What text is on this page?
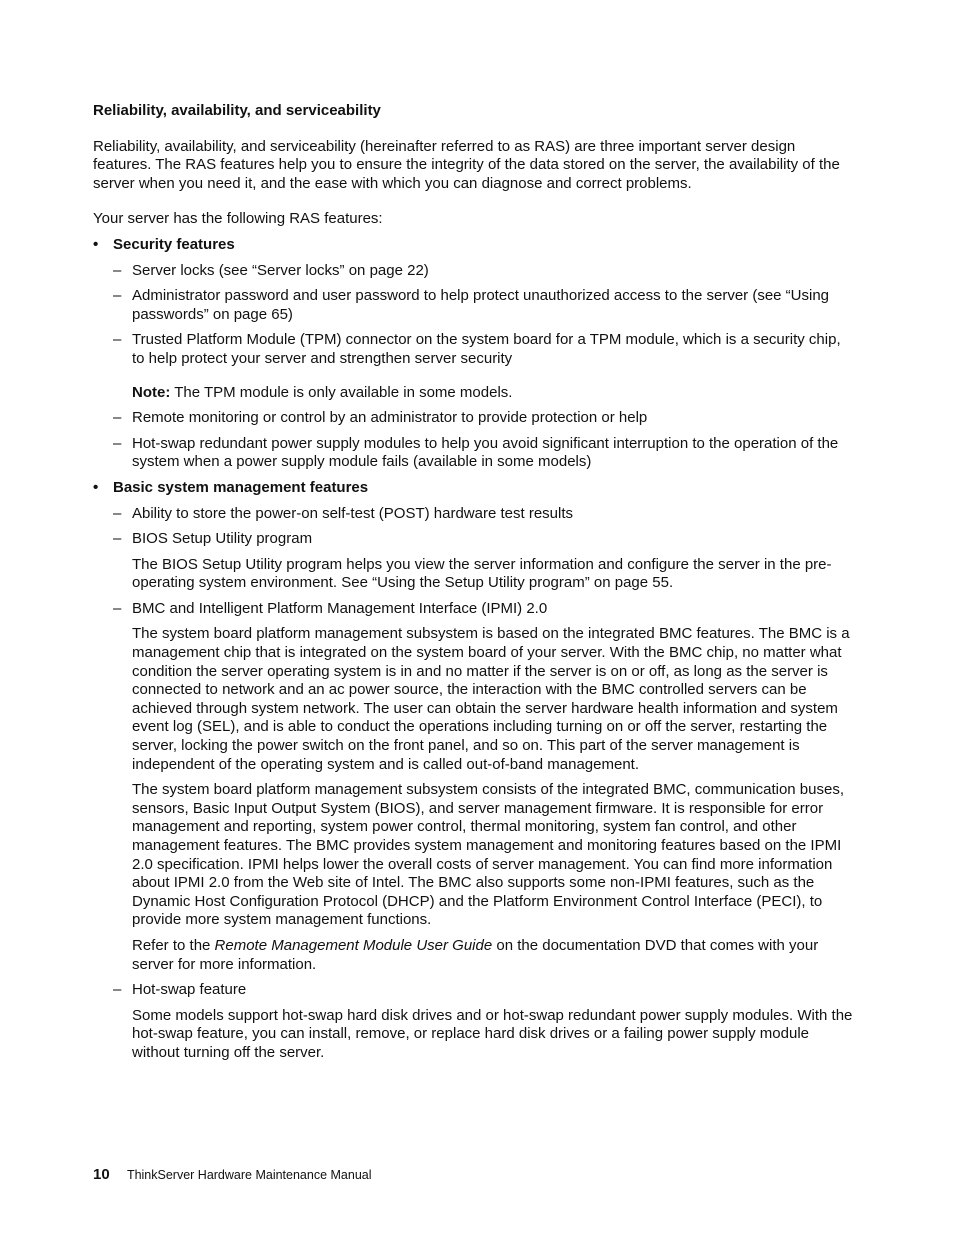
Reliability, availability, and serviceability

Reliability, availability, and serviceability (hereinafter referred to as RAS) are three important server design features. The RAS features help you to ensure the integrity of the data stored on the server, the availability of the server when you need it, and the ease with which you can diagnose and correct problems.

Your server has the following RAS features:

• Security features
– Server locks (see “Server locks” on page 22)
– Administrator password and user password to help protect unauthorized access to the server (see “Using passwords” on page 65)
– Trusted Platform Module (TPM) connector on the system board for a TPM module, which is a security chip, to help protect your server and strengthen server security
Note: The TPM module is only available in some models.
– Remote monitoring or control by an administrator to provide protection or help
– Hot-swap redundant power supply modules to help you avoid significant interruption to the operation of the system when a power supply module fails (available in some models)
• Basic system management features
– Ability to store the power-on self-test (POST) hardware test results
– BIOS Setup Utility program

The BIOS Setup Utility program helps you view the server information and configure the server in the pre-operating system environment. See “Using the Setup Utility program” on page 55.

– BMC and Intelligent Platform Management Interface (IPMI) 2.0

The system board platform management subsystem is based on the integrated BMC features. The BMC is a management chip that is integrated on the system board of your server. With the BMC chip, no matter what condition the server operating system is in and no matter if the server is on or off, as long as the server is connected to network and an ac power source, the interaction with the BMC controlled servers can be achieved through system network. The user can obtain the server hardware health information and system event log (SEL), and is able to conduct the operations including turning on or off the server, restarting the server, locking the power switch on the front panel, and so on. This part of the server management is independent of the operating system and is called out-of-band management.

The system board platform management subsystem consists of the integrated BMC, communication buses, sensors, Basic Input Output System (BIOS), and server management firmware. It is responsible for error management and reporting, system power control, thermal monitoring, system fan control, and other management features. The BMC provides system management and monitoring features based on the IPMI 2.0 specification. IPMI helps lower the overall costs of server management. You can find more information about IPMI 2.0 from the Web site of Intel. The BMC also supports some non-IPMI features, such as the Dynamic Host Configuration Protocol (DHCP) and the Platform Environment Control Interface (PECI), to provide more system management functions.

Refer to the Remote Management Module User Guide on the documentation DVD that comes with your server for more information.

– Hot-swap feature

Some models support hot-swap hard disk drives and or hot-swap redundant power supply modules. With the hot-swap feature, you can install, remove, or replace hard disk drives or a failing power supply module without turning off the server.

10 ThinkServer Hardware Maintenance Manual
